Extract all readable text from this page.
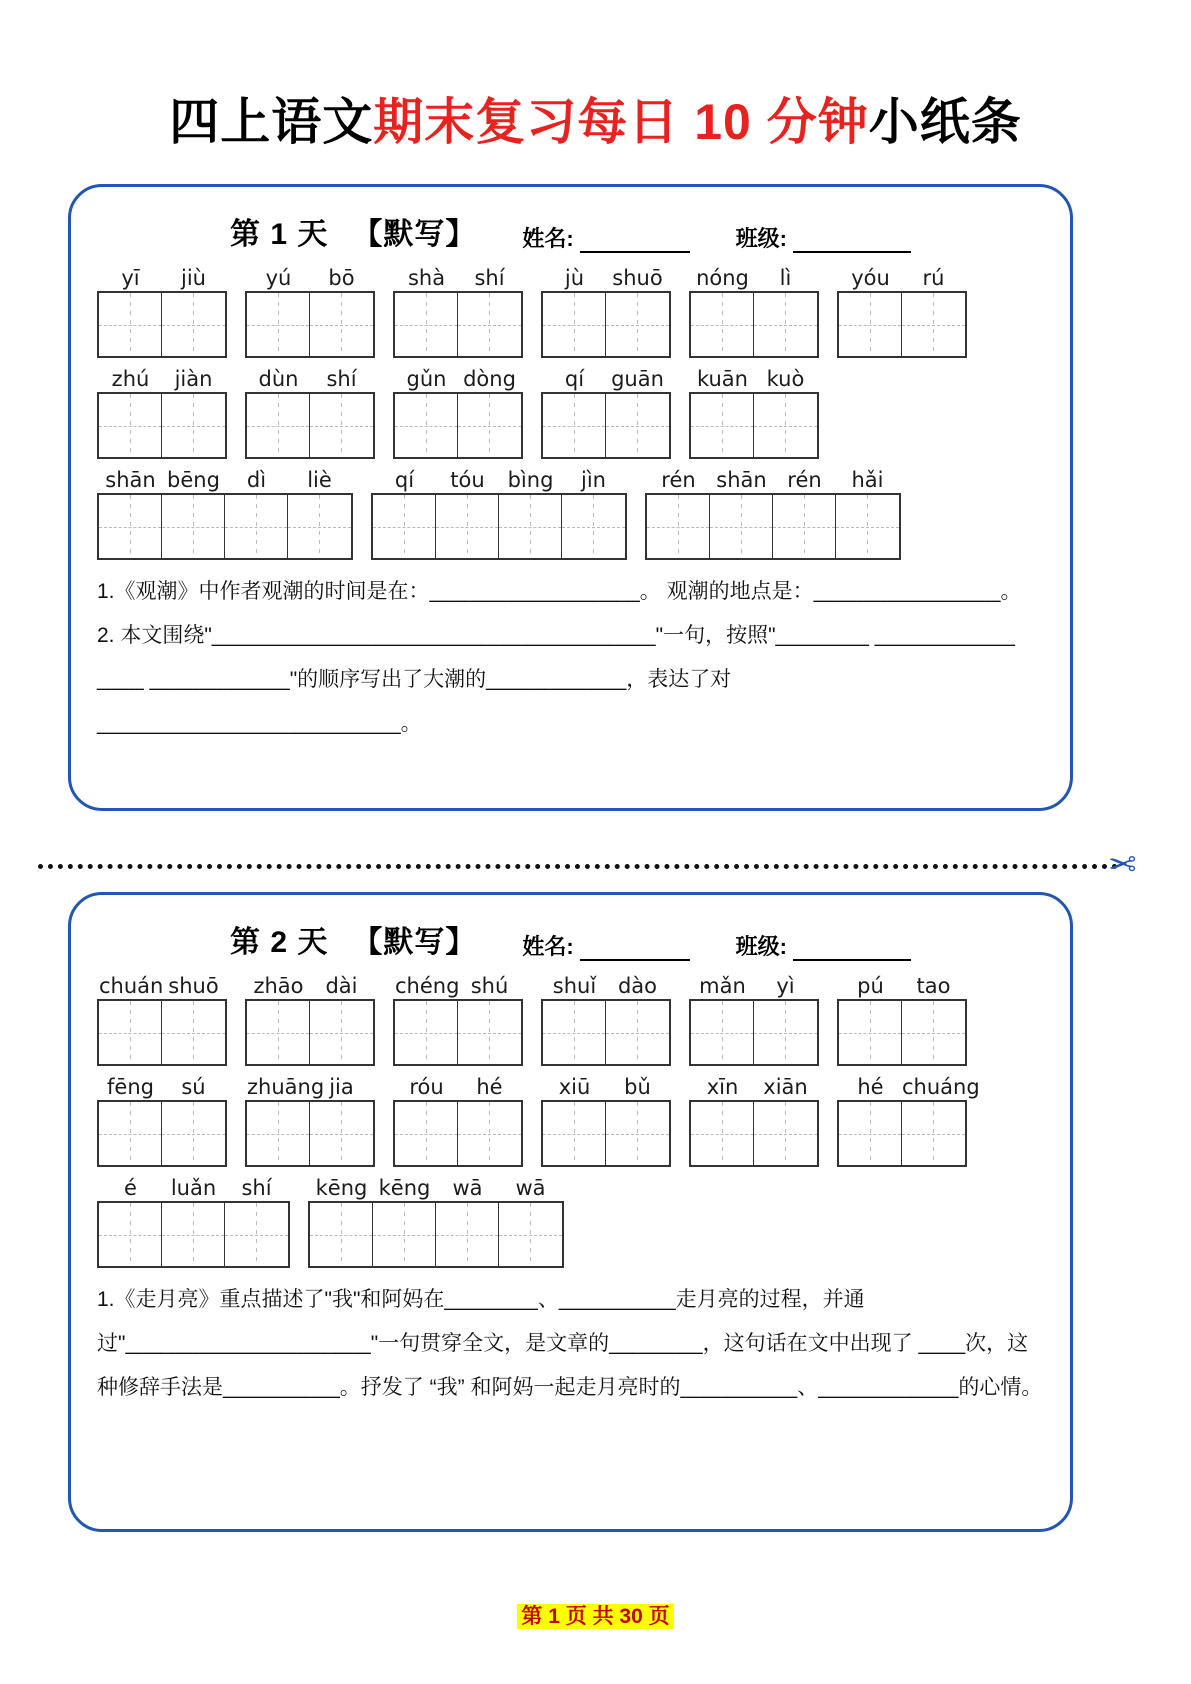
四上语文期末复习每日 10 分钟小纸条
第 1 天 【默写】 姓名:	班级:
yī	jiù	yú	bō	shà	shí	jù	shuō nóng	lì	yóu	rú
zhú	jiàn	dùn	shí	gǔn dòng	qí	guān kuān kuò
shān bēng	dì	liè	qí	tóu	bìng	jìn	rén shān rén	hǎi
1.《观潮》中作者观潮的时间是在：__________________。 观潮的地点是：________________。
2. 本文围绕"______________________________________"一句，按照"________ ____________ ____ ____________"的顺序写出了大潮的____________，表达了对__________________________。
✂
第 2 天 【默写】 姓名:	班级:
chuán shuō	zhāo	dài	chéng shú	shuǐ	dào	mǎn	yì	pú	tao
fēng	sú	zhuāng jia	róu	hé	xiū	bǔ	xīn	xiān	hé chuáng
é	luǎn	shí	kēng kēng	wā	wā
1.《走月亮》重点描述了"我"和阿妈在________、__________走月亮的过程，并通过"_____________________"一句贯穿全文，是文章的________，这句话在文中出现了 ____次，这种修辞手法是__________。抒发了 “我” 和阿妈一起走月亮时的__________、____________的心情。
第 1 页 共 30 页
